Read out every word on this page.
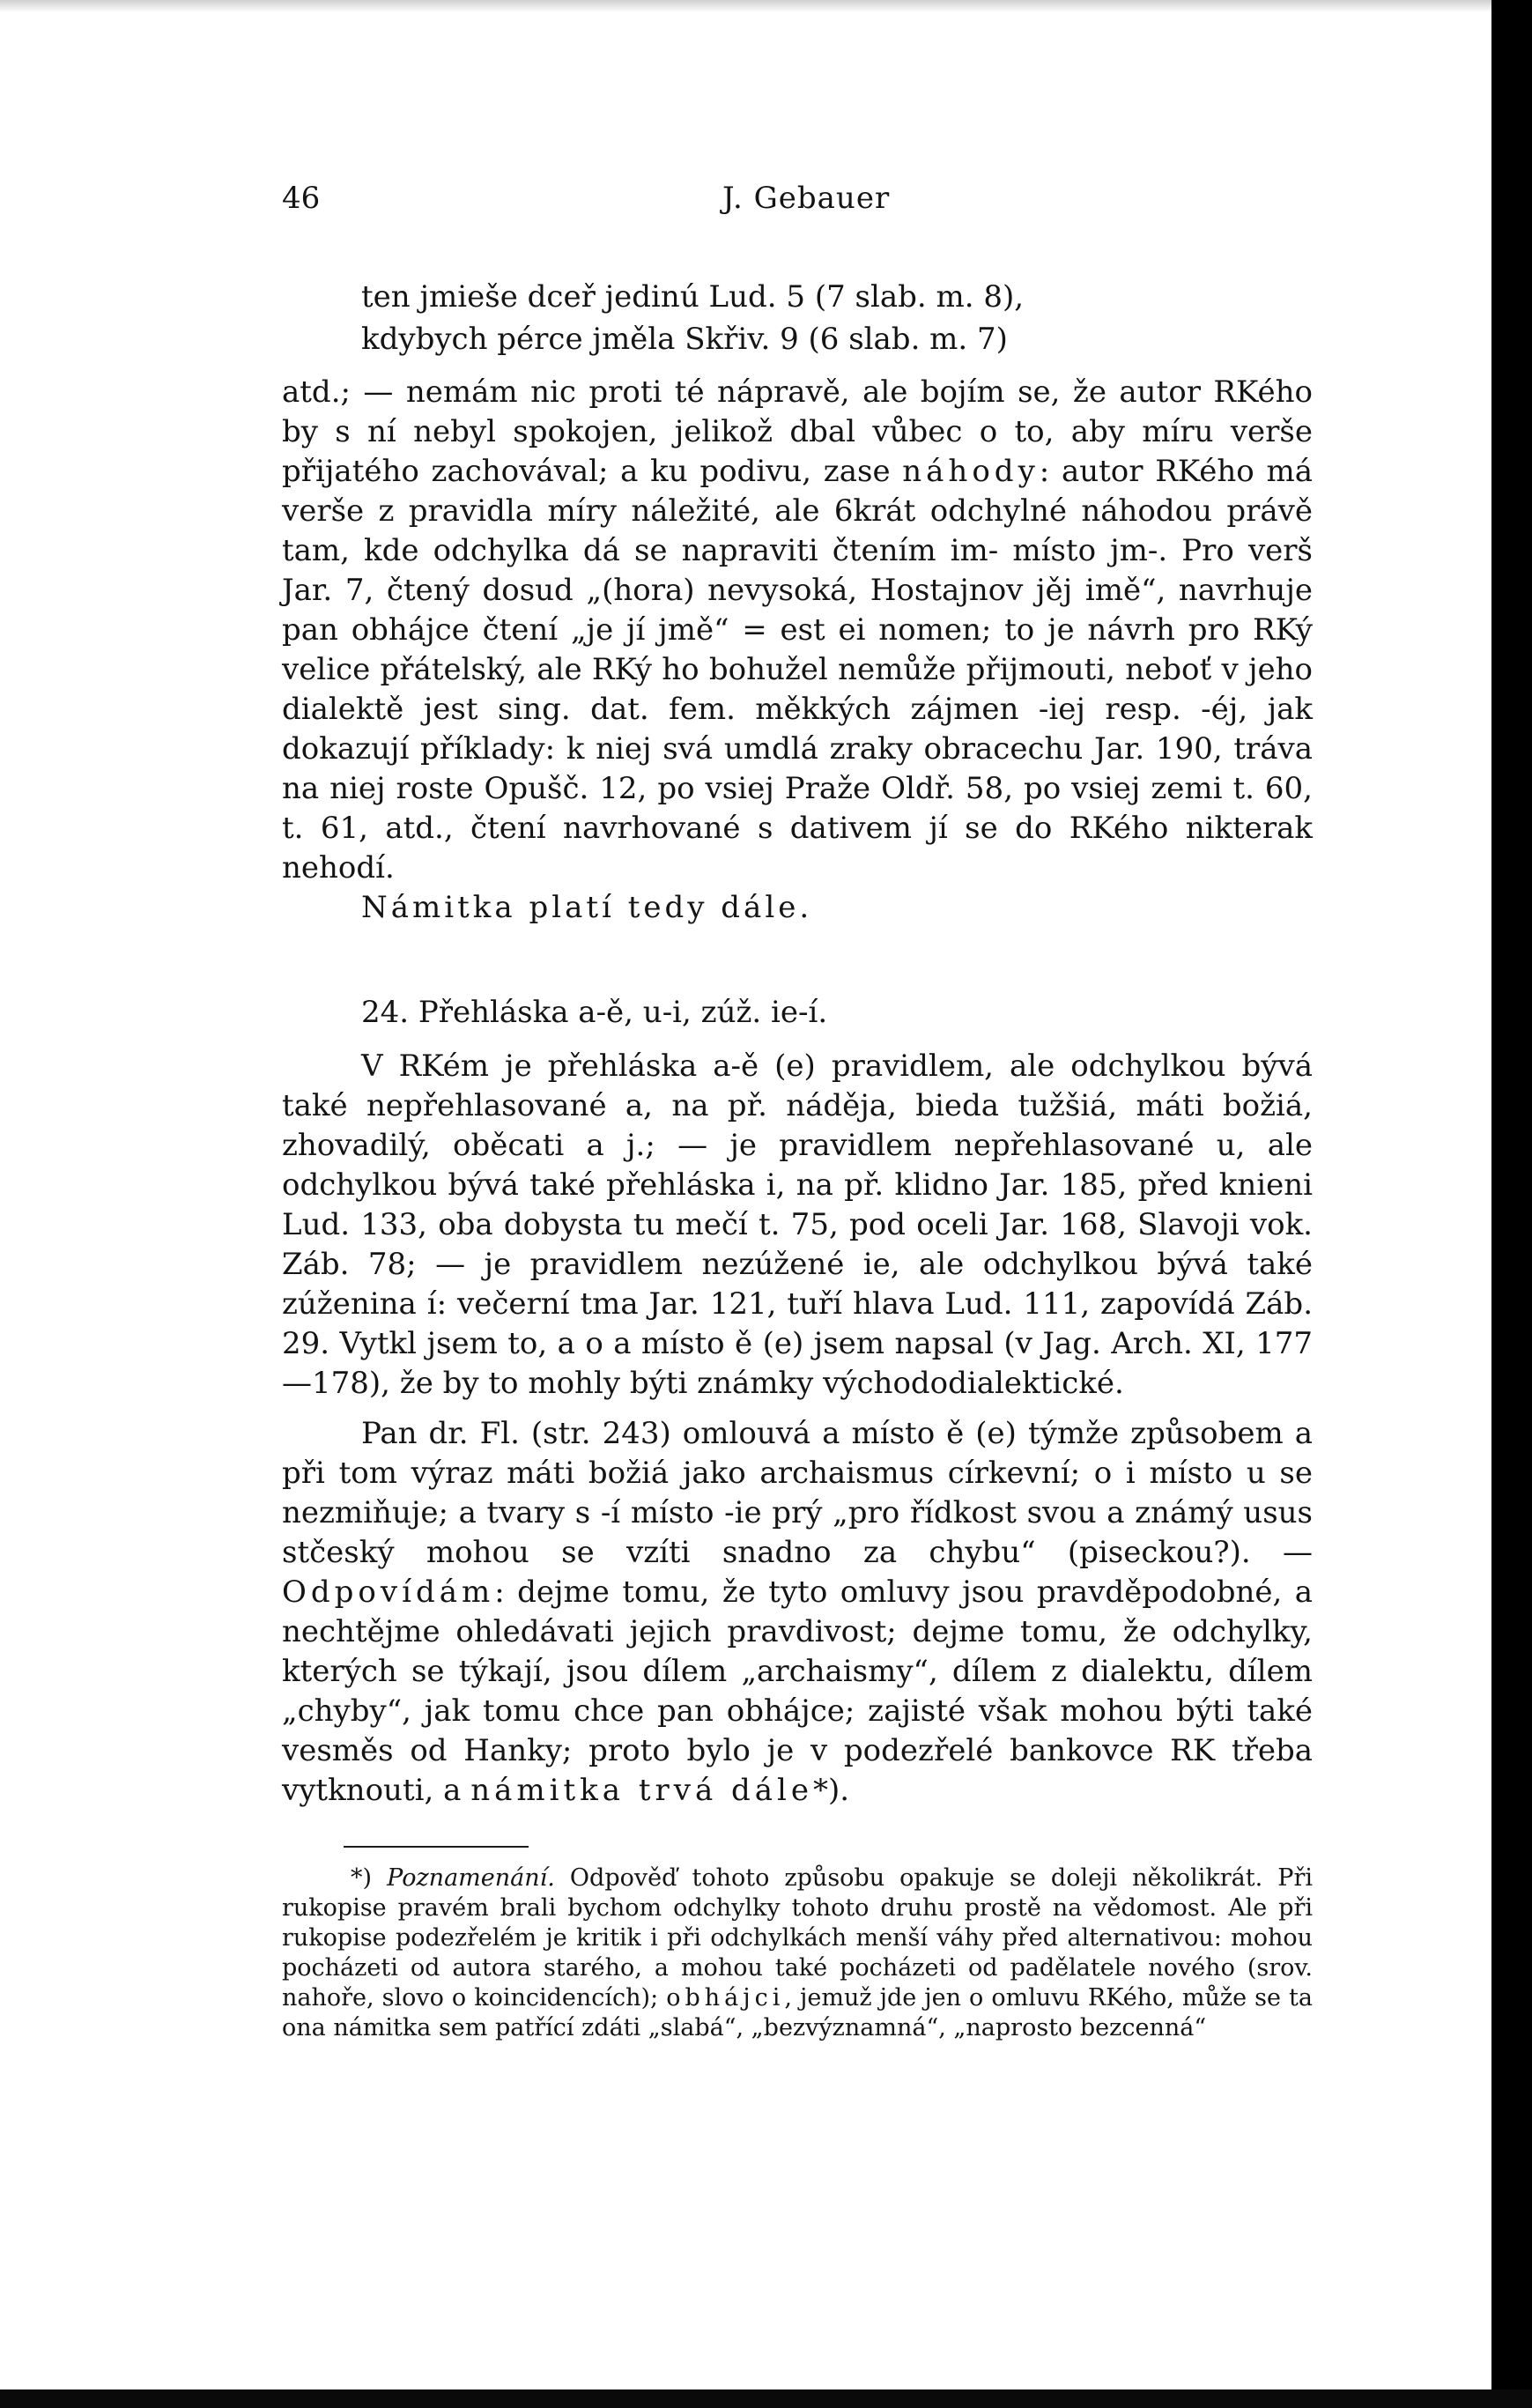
46	J. Gebauer
ten jmieše dceř jedinú Lud. 5 (7 slab. m. 8),
kdybych pérce jměla Skřiv. 9 (6 slab. m. 7)

atd.; — nemám nic proti té nápravě, ale bojím se, že autor RKého by s ní nebyl spokojen, jelikož dbal vůbec o to, aby míru verše přijatého zachovával; a ku podivu, zase náhody: autor RKého má verše z pravidla míry náležité, ale 6krát odchylné náhodou právě tam, kde odchylka dá se napraviti čtením im- místo jm-. Pro verš Jar. 7, čtený dosud „(hora) nevysoká, Hostajnov jěj imě“, navrhuje pan obhájce čtení „je jí jmě“ = est ei nomen; to je návrh pro RKý velice přátelský, ale RKý ho bohužel nemůže přijmouti, neboť v jeho dialektě jest sing. dat. fem. měkkých zájmen -iej resp. -éj, jak dokazují příklady: k niej svá umdlá zraky obracechu Jar. 190, tráva na niej roste Opušč. 12, po vsiej Praže Oldř. 58, po vsiej zemi t. 60, t. 61, atd., čtení navrhované s dativem jí se do RKého nikterak nehodí.

Námitka platí tedy dále.
24. Přehláska a-ě, u-i, zúž. ie-í.

V RKém je přehláska a-ě (e) pravidlem, ale odchylkou bývá také nepřehlasované a, na př. nádějа, bieda tužšiá, máti božiá, zhovadilý, oběcati a j.; — je pravidlem nepřehlasované u, ale odchylkou bývá také přehláska i, na př. klidno Jar. 185, před knieni Lud. 133, oba dobysta tu mečí t. 75, pod oceli Jar. 168, Slavoji vok. Záb. 78; — je pravidlem nezúžené ie, ale odchylkou bývá také zúženina í: večerní tma Jar. 121, tuří hlava Lud. 111, zapovídá Záb. 29. Vytkl jsem to, a o a místo ě (e) jsem napsal (v Jag. Arch. XI, 177—178), že by to mohly býti známky východodialektické.

Pan dr. Fl. (str. 243) omlouvá a místo ě (e) týmže způsobem a při tom výraz máti božiá jako archaismus církevní; o i místo u se nezmiňuje; a tvary s -í místo -ie prý „pro řídkost svou a známý usus stčeský mohou se vzíti snadno za chybu“ (piseckou?). — Odpovídám: dejme tomu, že tyto omluvy jsou pravděpodobné, a nechtějme ohledávati jejich pravdivost; dejme tomu, že odchylky, kterých se týkají, jsou dílem „archaismy“, dílem z dialektu, dílem „chyby“, jak tomu chce pan obhájce; zajisté však mohou býti také vesměs od Hanky; proto bylo je v podezřelé bankovce RK třeba vytknouti, a námitka trvá dále*).

*) Poznamenání. Odpověď tohoto způsobu opakuje se doleji několikrát. Při rukopise pravém brali bychom odchylky tohoto druhu prostě na vědomost. Ale při rukopise podezřelém je kritik i při odchylkách menší váhy před alternativou: mohou pocházeti od autora starého, a mohou také pocházeti od padělatele nového (srov. nahoře, slovo o koincidencích); obhájci, jemuž jde jen o omluvu RKého, může se ta ona námitka sem patřící zdáti „slabá“, „bezvýznamná“, „naprosto bezcenná“
